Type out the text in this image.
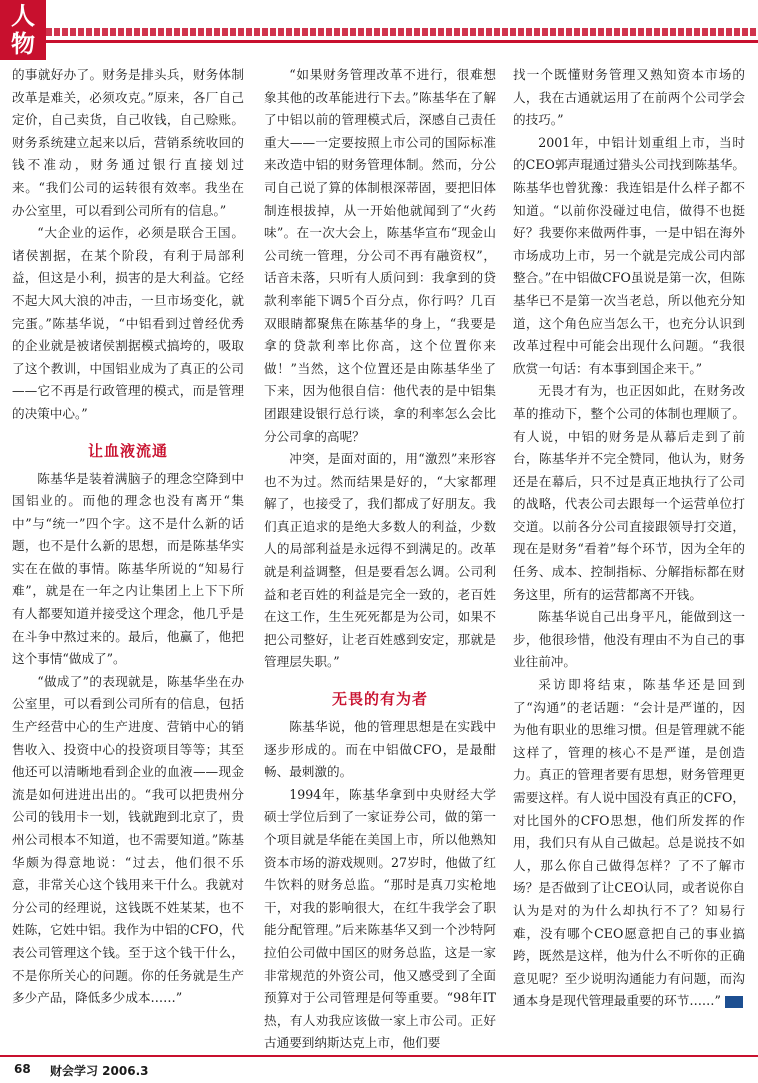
人物

的事就好办了。财务是排头兵，财务体制改革是难关，必须攻克。”原来，各厂自己定价，自己卖货，自己收钱，自己赊账。财务系统建立起来以后，营销系统收回的钱不准动，财务通过银行直接划过来。“我们公司的运转很有效率。我坐在办公室里，可以看到公司所有的信息。”

“大企业的运作，必须是联合王国。诸侯割据，在某个阶段，有利于局部利益，但这是小利，损害的是大利益。它经不起大风大浪的冲击，一旦市场变化，就完蛋。”陈基华说，“中铝看到过曾经优秀的企业就是被诸侯割据模式搞垮的，吸取了这个教训，中国铝业成为了真正的公司——它不再是行政管理的模式，而是管理的决策中心。”

让血液流通

陈基华是装着满脑子的理念空降到中国铝业的。而他的理念也没有离开“集中”与“统一”四个字。这不是什么新的话题，也不是什么新的思想，而是陈基华实实在在做的事情。陈基华所说的“知易行难”，就是在一年之内让集团上上下下所有人都要知道并接受这个理念，他几乎是在斗争中熬过来的。最后，他赢了，他把这个事情“做成了”。

“做成了”的表现就是，陈基华坐在办公室里，可以看到公司所有的信息，包括生产经营中心的生产进度、营销中心的销售收入、投资中心的投资项目等等；其至他还可以清晰地看到企业的血液——现金流是如何进进出出的。“我可以把贵州分公司的钱用卡一划，钱就跑到北京了，贵州公司根本不知道，也不需要知道。”陈基华颇为得意地说：“过去，他们很不乐意，非常关心这个钱用来干什么。我就对分公司的经理说，这钱既不姓某某，也不姓陈，它姓中铝。我作为中铝的CFO，代表公司管理这个钱。至于这个钱干什么，不是你所关心的问题。你的任务就是生产多少产品，降低多少成本……”

“如果财务管理改革不进行，很难想象其他的改革能进行下去。”陈基华在了解了中铝以前的管理模式后，深感自己责任重大——一定要按照上市公司的国际标准来改造中铝的财务管理体制。然而，分公司自己说了算的体制根深蒂固，要把旧体制连根拔掉，从一开始他就闻到了“火药味”。在一次大会上，陈基华宣布“现金山公司统一管理，分公司不再有融资权”，话音未落，只听有人质问到：我拿到的贷款利率能下调5个百分点，你行吗？几百双眼睛都聚焦在陈基华的身上，“我要是拿的贷款利率比你高，这个位置你来做！”当然，这个位置还是由陈基华坐了下来，因为他很自信：他代表的是中铝集团跟建设银行总行谈，拿的利率怎么会比分公司拿的高呢？

冲突，是面对面的，用“激烈”来形容也不为过。然而结果是好的，“大家都理解了，也接受了，我们都成了好朋友。我们真正追求的是绝大多数人的利益，少数人的局部利益是永远得不到满足的。改革就是利益调整，但是要看怎么调。公司利益和老百姓的利益是完全一致的，老百姓在这工作，生生死死都是为公司，如果不把公司整好，让老百姓感到安定，那就是管理层失职。”

无畏的有为者

陈基华说，他的管理思想是在实践中逐步形成的。而在中铝做CFO，是最酣畅、最刺激的。

1994年，陈基华拿到中央财经大学硕士学位后到了一家证券公司，做的第一个项目就是华能在美国上市，所以他熟知资本市场的游戏规则。27岁时，他做了红牛饮料的财务总监。“那时是真刀实枪地干，对我的影响很大，在红牛我学会了职能分配管理。”后来陈基华又到一个沙特阿拉伯公司做中国区的财务总监，这是一家非常规范的外资公司，他又感受到了全面预算对于公司管理是何等重要。“98年IT热，有人劝我应该做一家上市公司。正好古通要到纳斯达克上市，他们要

找一个既懂财务管理又熟知资本市场的人，我在古通就运用了在前两个公司学会的技巧。”

2001年，中铝计划重组上市，当时的CEO郭声琨通过猎头公司找到陈基华。陈基华也曾犹豫：我连铝是什么样子都不知道。“以前你没碰过电信，做得不也挺好？我要你来做两件事，一是中铝在海外市场成功上市，另一个就是完成公司内部整合。”在中铝做CFO虽说是第一次，但陈基华已不是第一次当老总，所以他充分知道，这个角色应当怎么干，也充分认识到改革过程中可能会出现什么问题。“我很欣赏一句话：有本事到国企来干。”

无畏才有为，也正因如此，在财务改革的推动下，整个公司的体制也理顺了。有人说，中铝的财务是从幕后走到了前台，陈基华并不完全赞同，他认为，财务还是在幕后，只不过是真正地执行了公司的战略，代表公司去跟每一个运营单位打交道。以前各分公司直接跟领导打交道，现在是财务“看着”每个环节，因为全年的任务、成本、控制指标、分解指标都在财务这里，所有的运营都离不开钱。

陈基华说自己出身平凡，能做到这一步，他很珍惜，他没有理由不为自己的事业往前冲。

采访即将结束，陈基华还是回到了“沟通”的老话题：“会计是严谨的，因为他有职业的思维习惯。但是管理就不能这样了，管理的核心不是严谨，是创造力。真正的管理者要有思想，财务管理更需要这样。有人说中国没有真正的CFO，对比国外的CFO思想，他们所发挥的作用，我们只有从自己做起。总是说技不如人，那么你自己做得怎样？了不了解市场？是否做到了让CEO认同，或者说你自认为是对的为什么却执行不了？知易行难，没有哪个CEO愿意把自己的事业搞跨，既然是这样，他为什么不听你的正确意见呢？至少说明沟通能力有问题，而沟通本身是现代管理最重要的环节……”

68 财会学习 2006.3
